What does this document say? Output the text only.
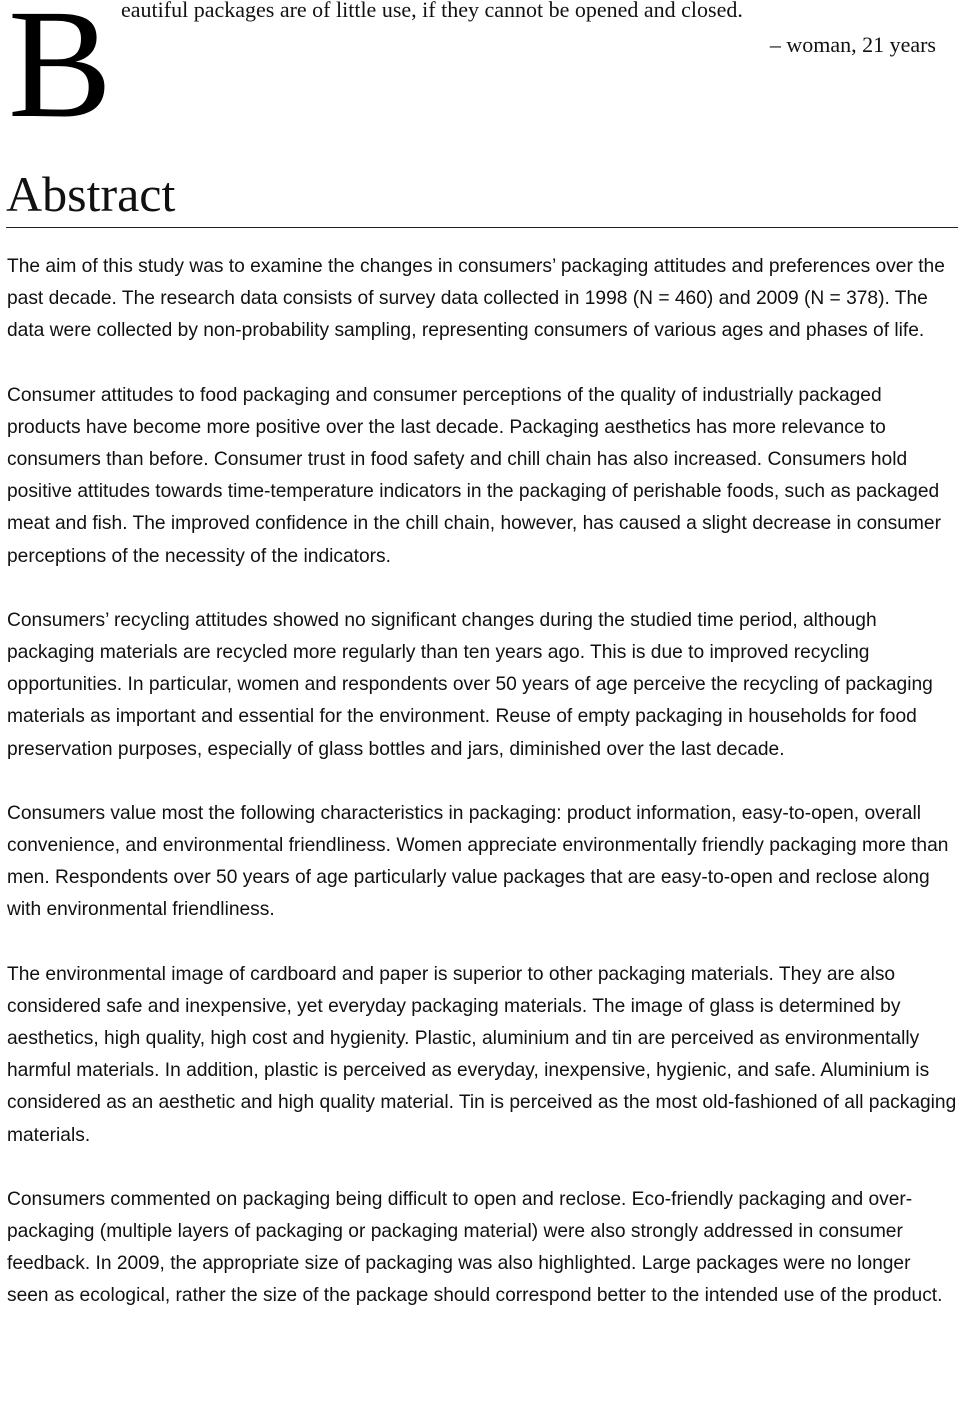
B eautiful packages are of little use, if they cannot be opened and closed.
– woman, 21 years
Abstract

The aim of this study was to examine the changes in consumers’ packaging attitudes and preferences over the past decade. The research data consists of survey data collected in 1998 (N = 460) and 2009 (N = 378). The data were collected by non-probability sampling, representing consumers of various ages and phases of life.

Consumer attitudes to food packaging and consumer perceptions of the quality of industrially packaged products have become more positive over the last decade. Packaging aesthetics has more relevance to consumers than before. Consumer trust in food safety and chill chain has also increased. Consumers hold positive attitudes towards time-temperature indicators in the packaging of perishable foods, such as packaged meat and fish. The improved confidence in the chill chain, however, has caused a slight decrease in consumer perceptions of the necessity of the indicators.

Consumers’ recycling attitudes showed no significant changes during the studied time period, although packaging materials are recycled more regularly than ten years ago. This is due to improved recycling opportunities. In particular, women and respondents over 50 years of age perceive the recycling of packaging materials as important and essential for the environment. Reuse of empty packaging in households for food preservation purposes, especially of glass bottles and jars, diminished over the last decade.

Consumers value most the following characteristics in packaging: product information, easy-to-open, overall convenience, and environmental friendliness. Women appreciate environmentally friendly packaging more than men. Respondents over 50 years of age particularly value packages that are easy-to-open and reclose along with environmental friendliness.

The environmental image of cardboard and paper is superior to other packaging materials. They are also considered safe and inexpensive, yet everyday packaging materials. The image of glass is determined by aesthetics, high quality, high cost and hygienity. Plastic, aluminium and tin are perceived as environmentally harmful materials. In addition, plastic is perceived as everyday, inexpensive, hygienic, and safe. Aluminium is considered as an aesthetic and high quality material. Tin is perceived as the most old-fashioned of all packaging materials.

Consumers commented on packaging being difficult to open and reclose. Eco-friendly packaging and over-packaging (multiple layers of packaging or packaging material) were also strongly addressed in consumer feedback. In 2009, the appropriate size of packaging was also highlighted. Large packages were no longer seen as ecological, rather the size of the package should correspond better to the intended use of the product.
